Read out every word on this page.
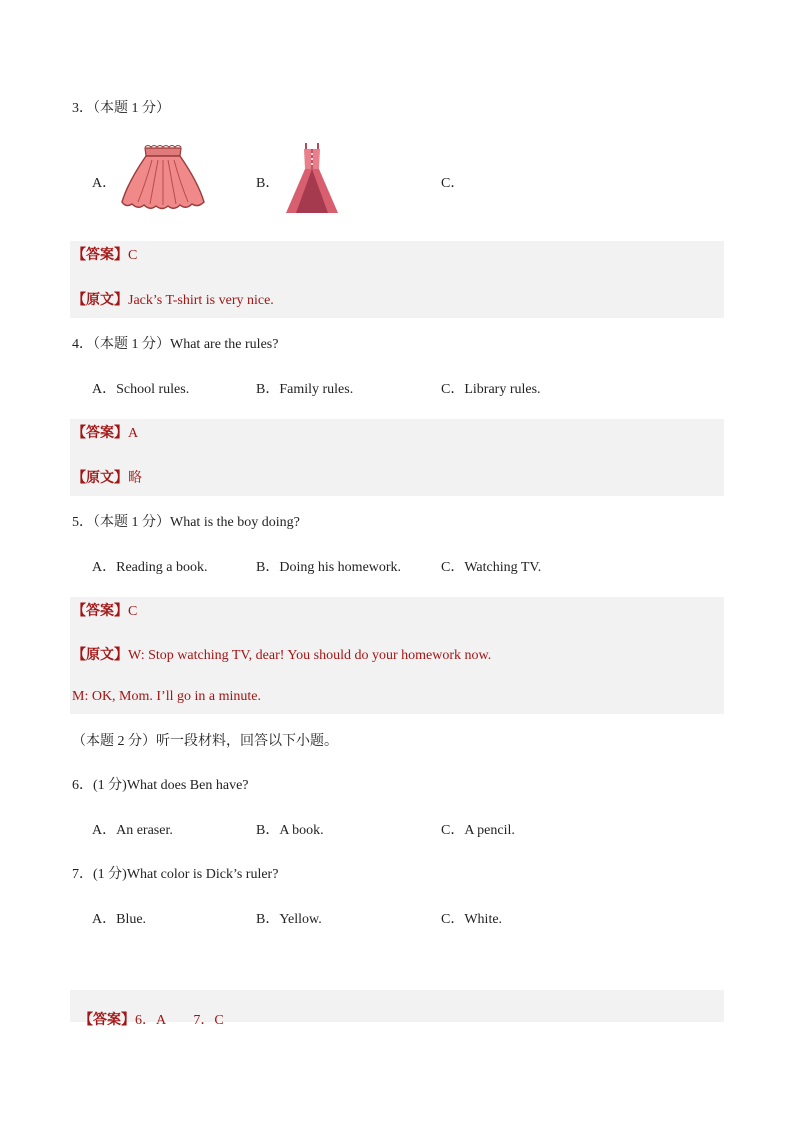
3．（本题 1 分）
A．	B．	C．
【答案】C
【原文】Jack’s T-shirt is very nice.
4．（本题 1 分）What are the rules?
A．School rules.	B．Family rules.	C．Library rules.
【答案】A
【原文】略
5．（本题 1 分）What is the boy doing?
A．Reading a book.	B．Doing his homework.	C．Watching TV.
【答案】C
【原文】W: Stop watching TV, dear! You should do your homework now.
M: OK, Mom. I’ll go in a minute.
（本题 2 分）听一段材料，回答以下小题。
6．(1 分)What does Ben have?
A．An eraser.	B．A book.	C．A pencil.
7．(1 分)What color is Dick’s ruler?
A．Blue.	B．Yellow.	C．White.

【答案】6．A        7．C
